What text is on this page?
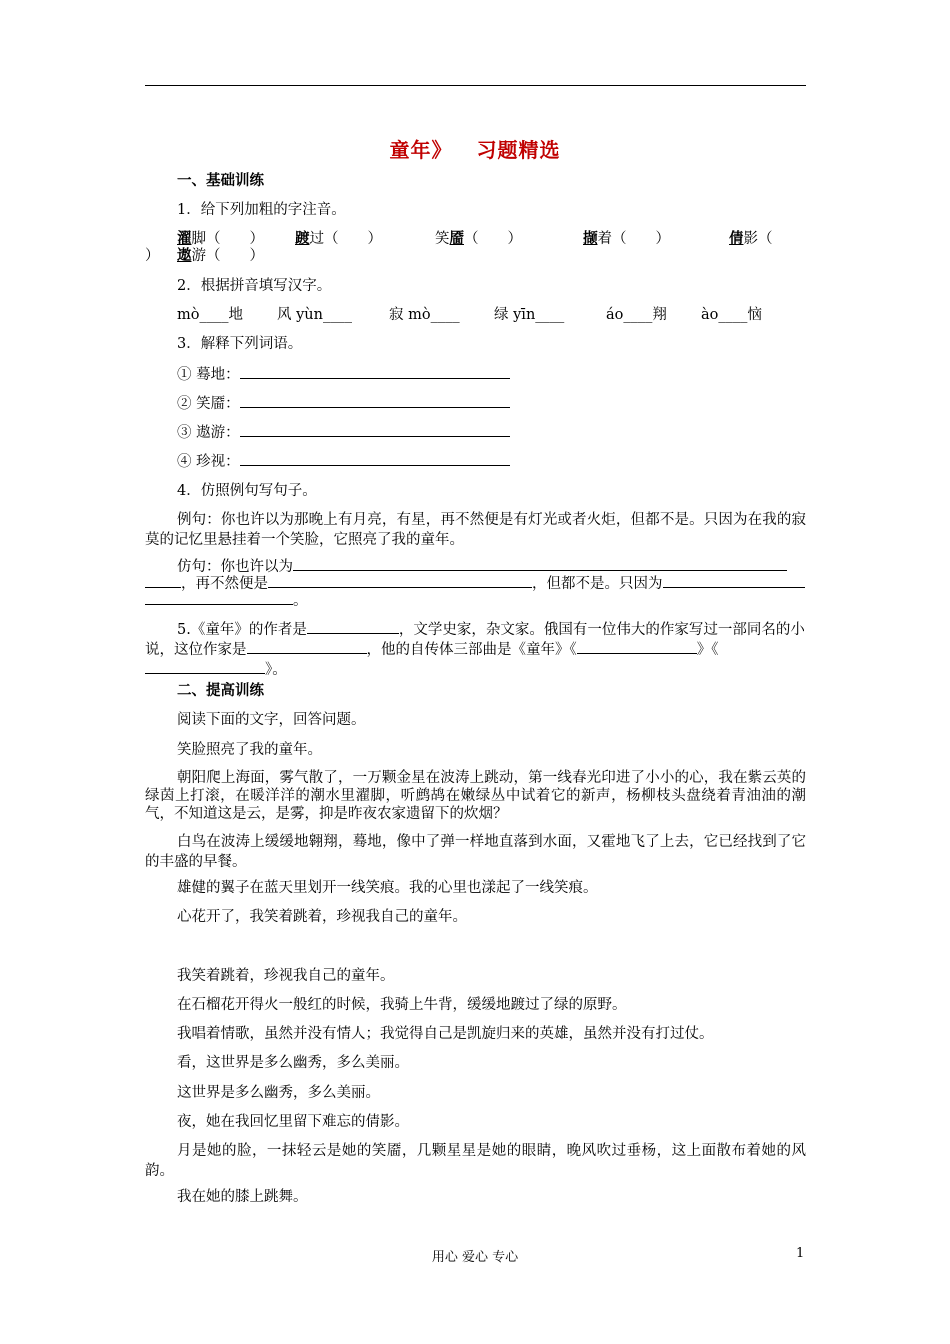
童年》 习题精选
一、基础训练
1．给下列加粗的字注音。
濯脚（　　） 踱过（　　）	笑靥（　　）	撷着（　　）	倩影（
） 遨游（　　）
2．根据拼音填写汉字。
mò____地 风 yùn____	寂 mò____ 绿 yīn____	áo____翔 ào____恼
3．解释下列词语。
① 蓦地：
② 笑靥：
③ 遨游：
④ 珍视：
4．仿照例句写句子。
例句：你也许以为那晚上有月亮，有星，再不然便是有灯光或者火炬，但都不是。只因为在我的寂莫的记忆里悬挂着一个笑脸，它照亮了我的童年。
仿句：你也许以为
，再不然便是	，但都不是。只因为
。
5.《童年》的作者是	，文学史家，杂文家。俄国有一位伟大的作家写过一部同名的小说，这位作家是	，他的自传体三部曲是《童年》《	》《》。
二、提高训练
阅读下面的文字，回答问题。
笑脸照亮了我的童年。
朝阳爬上海面，雾气散了，一万颗金星在波涛上跳动，第一线春光印进了小小的心，我在紫云英的绿茵上打滚，在暖洋洋的潮水里濯脚，听鹧鸪在嫩绿丛中试着它的新声，杨柳枝头盘绕着青油油的潮气，不知道这是云，是雾，抑是昨夜农家遗留下的炊烟？
白鸟在波涛上缓缓地翱翔，蓦地，像中了弹一样地直落到水面，又霍地飞了上去，它已经找到了它的丰盛的早餐。
雄健的翼子在蓝天里划开一线笑痕。我的心里也漾起了一线笑痕。
心花开了，我笑着跳着，珍视我自己的童年。
我笑着跳着，珍视我自己的童年。
在石榴花开得火一般红的时候，我骑上牛背，缓缓地踱过了绿的原野。
我唱着情歌，虽然并没有情人；我觉得自己是凯旋归来的英雄，虽然并没有打过仗。
看，这世界是多么幽秀，多么美丽。
这世界是多么幽秀，多么美丽。
夜，她在我回忆里留下难忘的倩影。
月是她的脸，一抹轻云是她的笑靥，几颗星星是她的眼睛，晚风吹过垂杨，这上面散布着她的风韵。
我在她的膝上跳舞。
用心 爱心 专心	1
